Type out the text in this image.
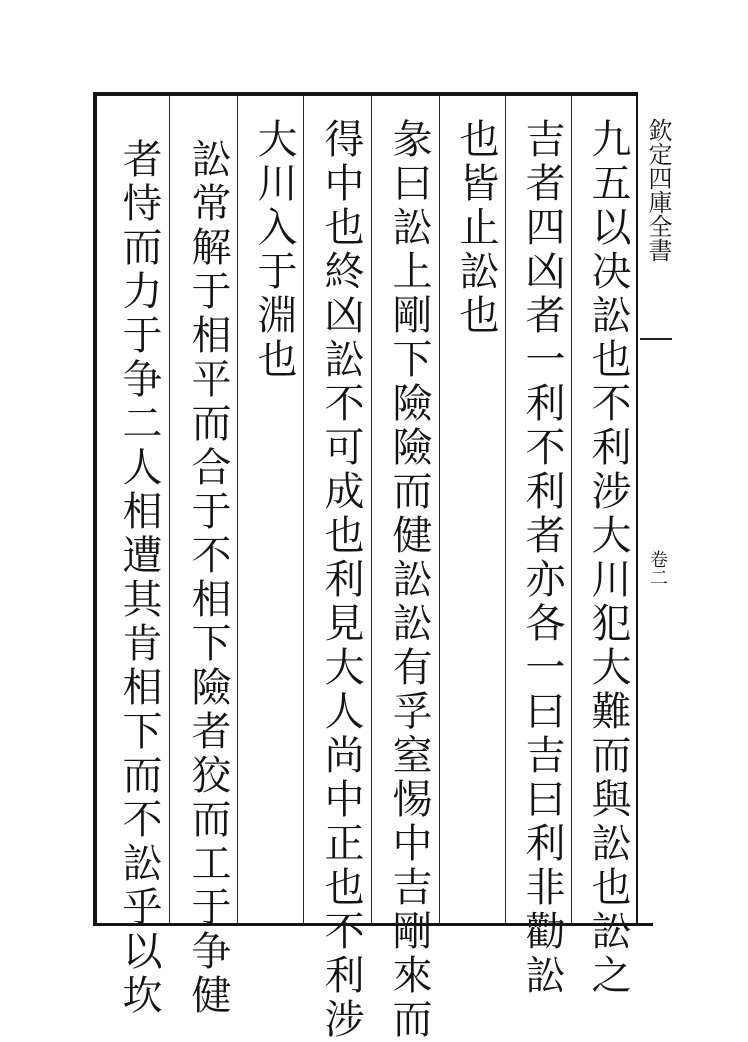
欽定四庫全書
卷二
九五以决訟也不利涉大川犯大難而與訟也訟之
吉者四凶者一利不利者亦各一曰吉曰利非勸訟
也皆止訟也
彖曰訟上剛下險險而健訟訟有孚窒惕中吉剛來而
得中也終凶訟不可成也利見大人尚中正也不利涉
大川入于淵也
訟常解于相平而合于不相下險者狡而工于争健
者恃而力于争二人相遭其肯相下而不訟乎以坎
